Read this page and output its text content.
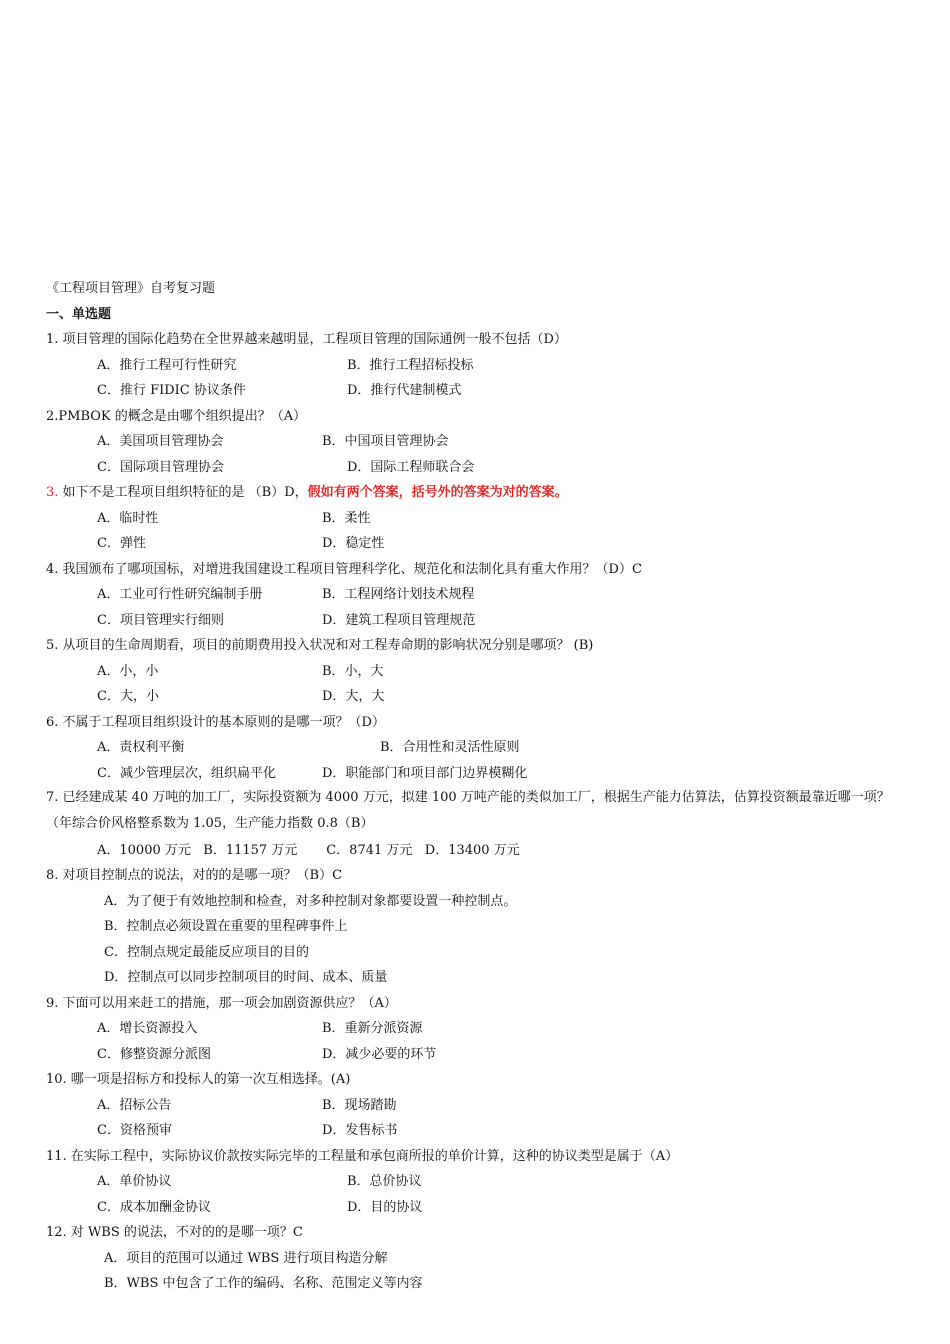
《工程项目管理》自考复习题
一、单选题
1. 项目管理的国际化趋势在全世界越来越明显，工程项目管理的国际通例一般不包括（D）
A．推行工程可行性研究	B．推行工程招标投标
C．推行 FIDIC 协议条件	D．推行代建制模式
2.PMBOK 的概念是由哪个组织提出？（A）
A．美国项目管理协会	B．中国项目管理协会
C．国际项目管理协会	D．国际工程师联合会
3. 如下不是工程项目组织特征的是 （B）D，假如有两个答案，括号外的答案为对的答案。
A．临时性	B．柔性
C．弹性	D．稳定性
4. 我国颁布了哪项国标，对增进我国建设工程项目管理科学化、规范化和法制化具有重大作用？（D）C
A．工业可行性研究编制手册	B．工程网络计划技术规程
C．项目管理实行细则	D．建筑工程项目管理规范
5. 从项目的生命周期看，项目的前期费用投入状况和对工程寿命期的影响状况分别是哪项？ (B)
A．小，小	B．小，大
C．大，小	D．大，大
6. 不属于工程项目组织设计的基本原则的是哪一项？（D）
A．责权利平衡	B．合用性和灵活性原则
C．减少管理层次，组织扁平化	D．职能部门和项目部门边界模糊化
7. 已经建成某 40 万吨的加工厂，实际投资额为 4000 万元，拟建 100 万吨产能的类似加工厂，根据生产能力估算法，估算投资额最靠近哪一项？（年综合价风格整系数为 1.05，生产能力指数 0.8（B）
A．10000 万元   B．11157 万元       C．8741 万元   D．13400 万元
8. 对项目控制点的说法，对的的是哪一项？（B）C
A．为了便于有效地控制和检查，对多种控制对象都要设置一种控制点。
B．控制点必须设置在重要的里程碑事件上
C．控制点规定最能反应项目的目的
D．控制点可以同步控制项目的时间、成本、质量
9. 下面可以用来赶工的措施，那一项会加剧资源供应？（A）
A．增长资源投入	B．重新分派资源
C．修整资源分派图	D．减少必要的环节
10. 哪一项是招标方和投标人的第一次互相选择。(A)
A．招标公告	B．现场踏勘
C．资格预审	D．发售标书
11. 在实际工程中，实际协议价款按实际完毕的工程量和承包商所报的单价计算，这种的协议类型是属于（A）
A．单价协议	B．总价协议
C．成本加酬金协议	D．目的协议
12. 对 WBS 的说法，不对的的是哪一项？C
A．项目的范围可以通过 WBS 进行项目构造分解
B．WBS 中包含了工作的编码、名称、范围定义等内容
